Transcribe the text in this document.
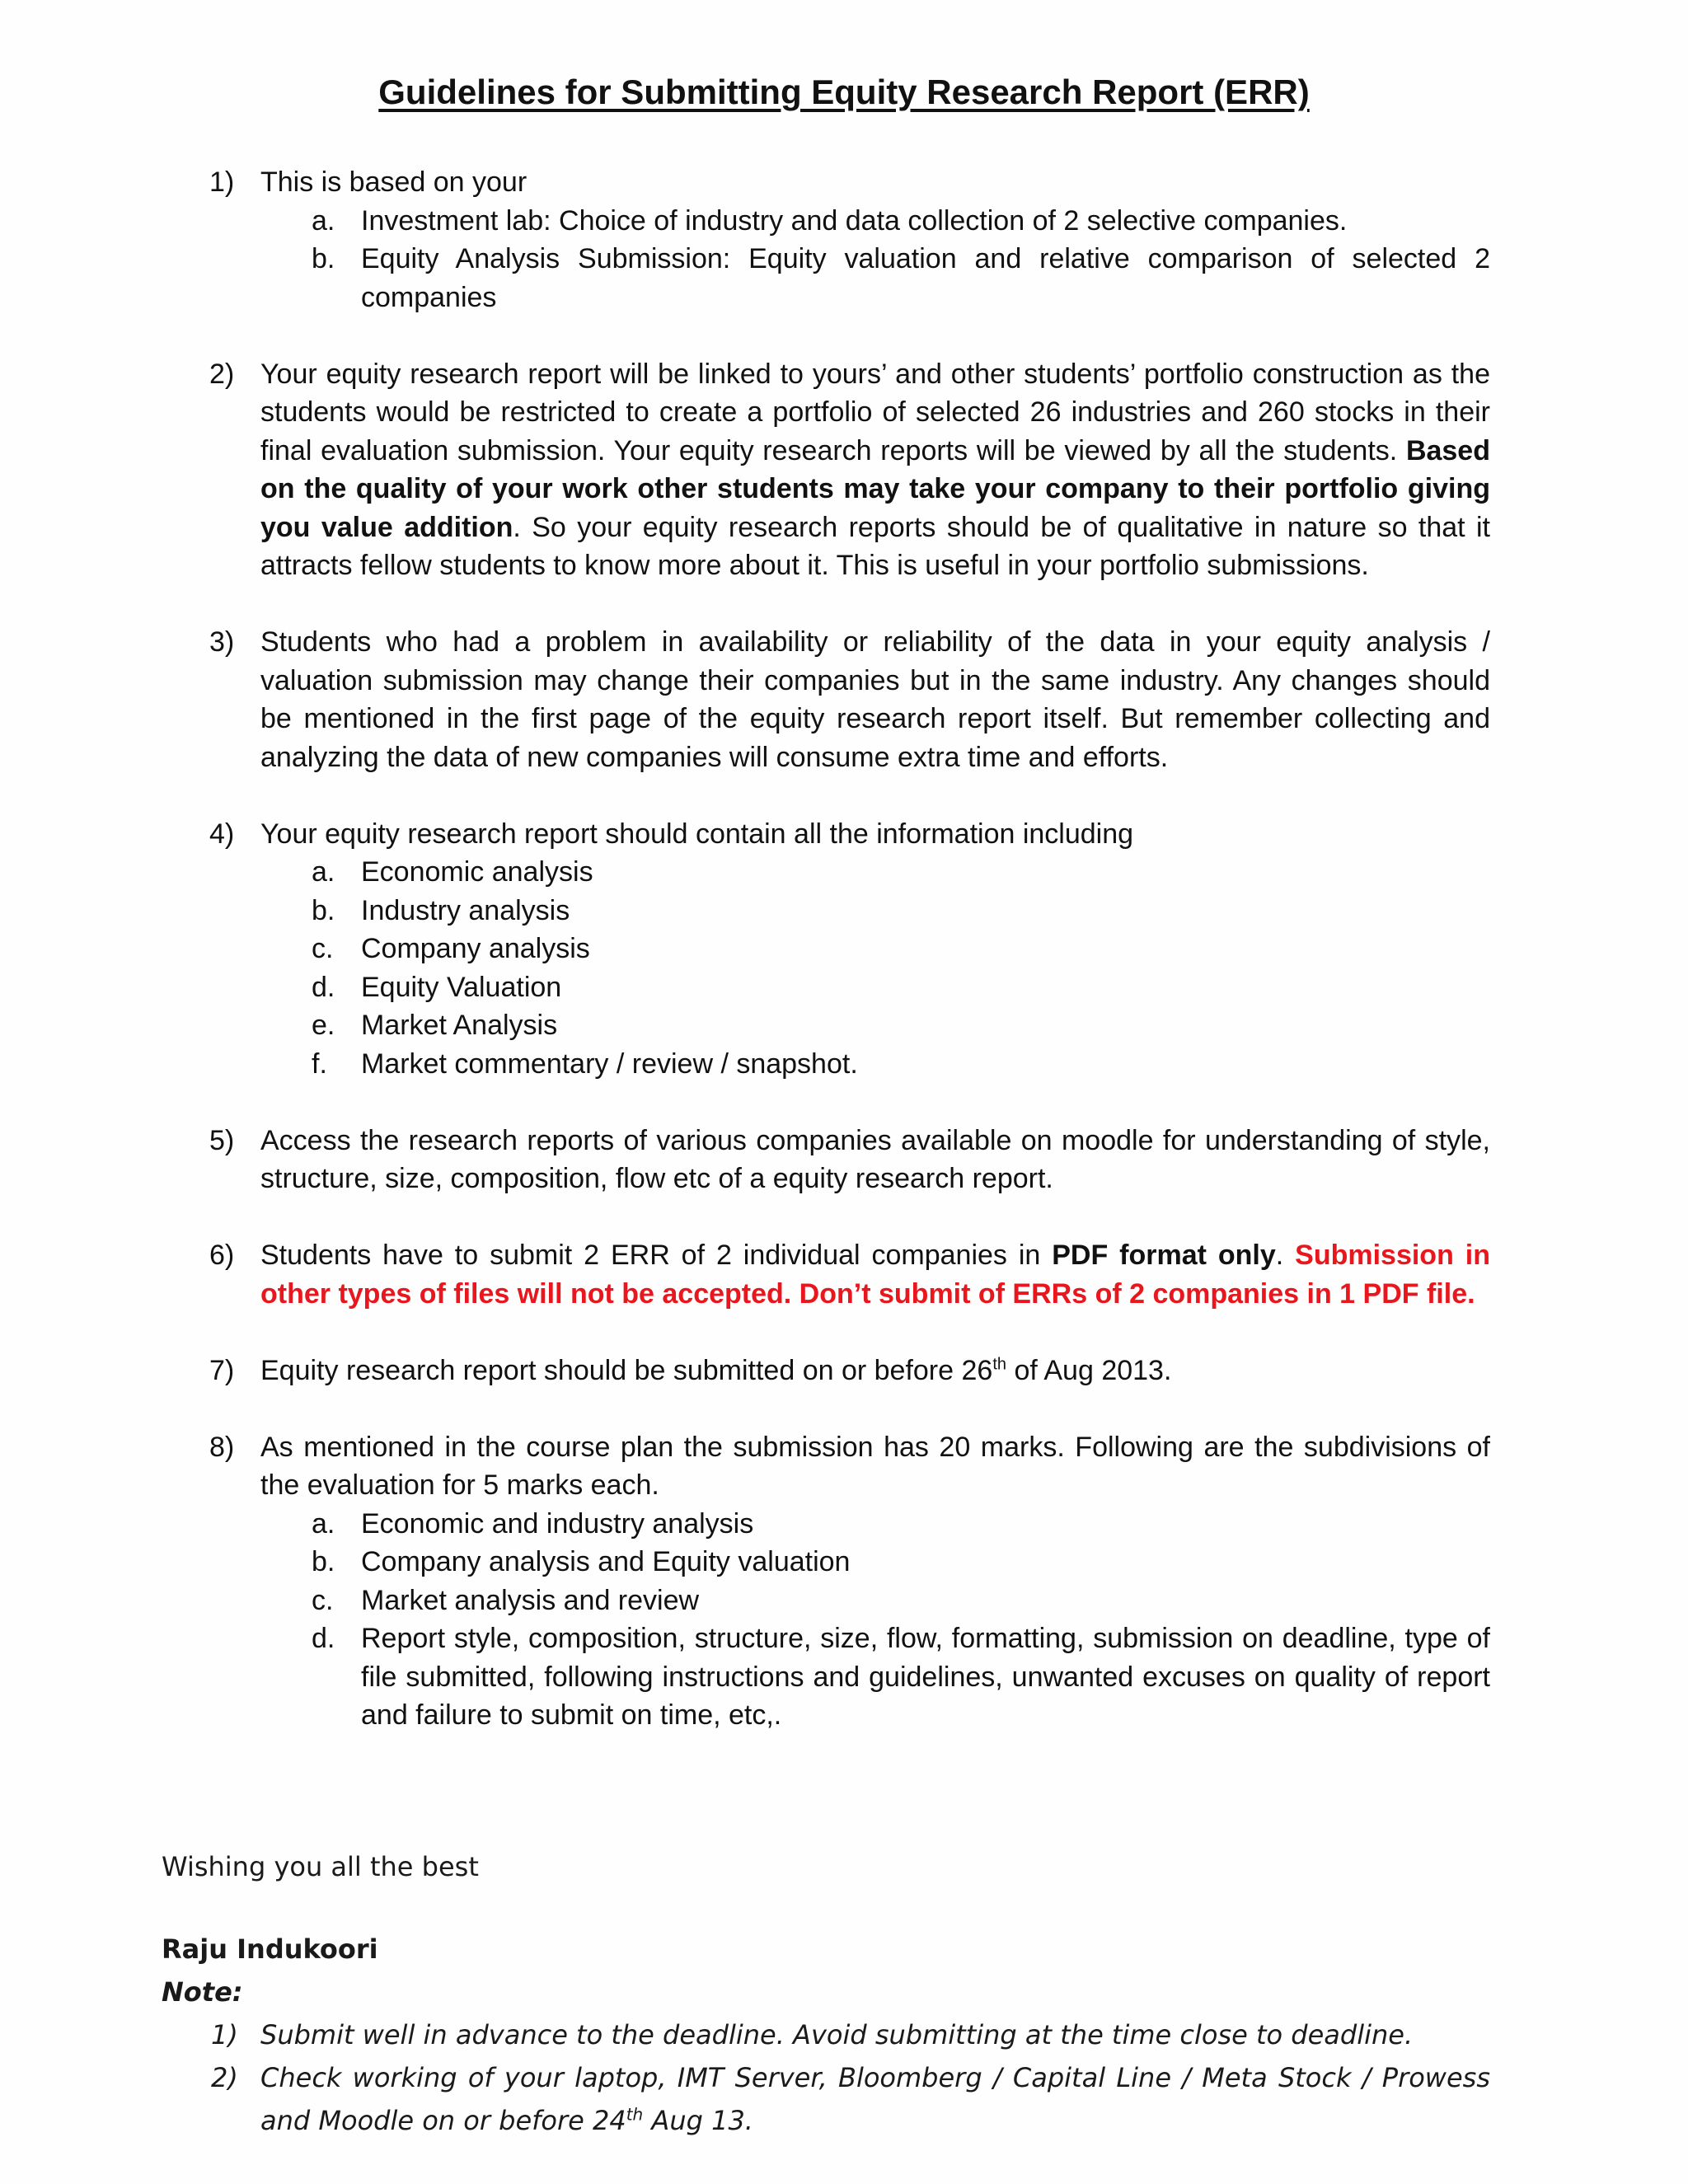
Guidelines for Submitting Equity Research Report (ERR)
1) This is based on your
a. Investment lab: Choice of industry and data collection of 2 selective companies.
b. Equity Analysis Submission: Equity valuation and relative comparison of selected 2 companies
2) Your equity research report will be linked to yours’ and other students’ portfolio construction as the students would be restricted to create a portfolio of selected 26 industries and 260 stocks in their final evaluation submission. Your equity research reports will be viewed by all the students. Based on the quality of your work other students may take your company to their portfolio giving you value addition. So your equity research reports should be of qualitative in nature so that it attracts fellow students to know more about it. This is useful in your portfolio submissions.
3) Students who had a problem in availability or reliability of the data in your equity analysis / valuation submission may change their companies but in the same industry. Any changes should be mentioned in the first page of the equity research report itself. But remember collecting and analyzing the data of new companies will consume extra time and efforts.
4) Your equity research report should contain all the information including
a. Economic analysis
b. Industry analysis
c. Company analysis
d. Equity Valuation
e. Market Analysis
f. Market commentary / review / snapshot.
5) Access the research reports of various companies available on moodle for understanding of style, structure, size, composition, flow etc of a equity research report.
6) Students have to submit 2 ERR of 2 individual companies in PDF format only. Submission in other types of files will not be accepted. Don’t submit of ERRs of 2 companies in 1 PDF file.
7) Equity research report should be submitted on or before 26th of Aug 2013.
8) As mentioned in the course plan the submission has 20 marks. Following are the subdivisions of the evaluation for 5 marks each.
a. Economic and industry analysis
b. Company analysis and Equity valuation
c. Market analysis and review
d. Report style, composition, structure, size, flow, formatting, submission on deadline, type of file submitted, following instructions and guidelines, unwanted excuses on quality of report and failure to submit on time, etc,.

Wishing you all the best

Raju Indukoori

Note:

1) Submit well in advance to the deadline. Avoid submitting at the time close to deadline.
2) Check working of your laptop, IMT Server, Bloomberg / Capital Line / Meta Stock / Prowess and Moodle on or before 24th Aug 13.
